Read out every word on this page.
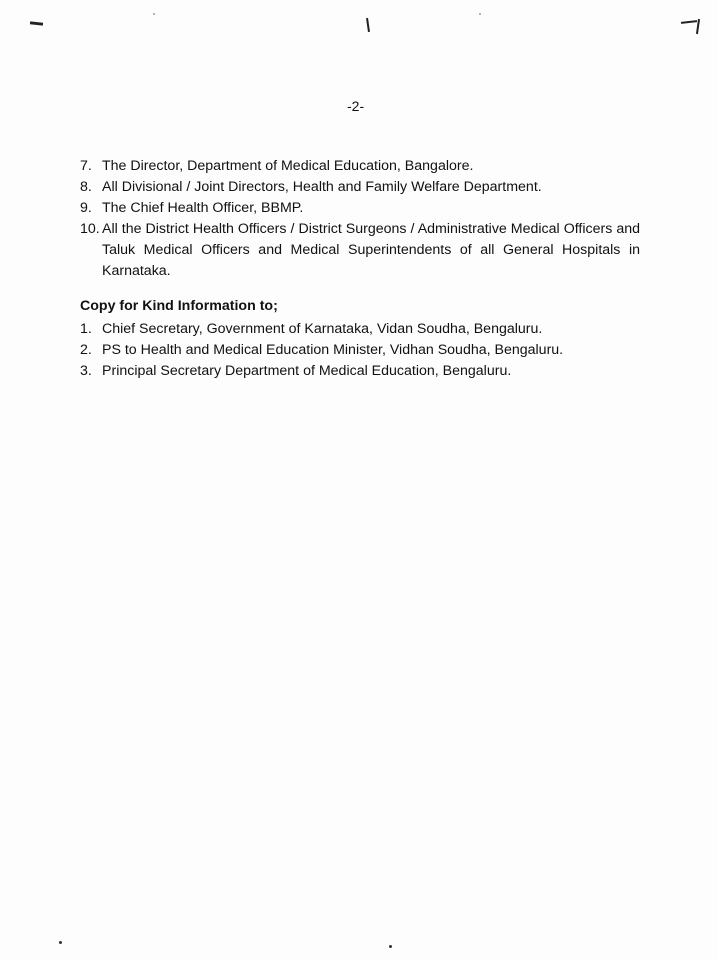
-2-
7. The Director, Department of Medical Education, Bangalore.
8. All Divisional / Joint Directors, Health and Family Welfare Department.
9. The Chief Health Officer, BBMP.
10. All the District Health Officers / District Surgeons / Administrative Medical Officers and Taluk Medical Officers and Medical Superintendents of all General Hospitals in Karnataka.
Copy for Kind Information to;
1. Chief Secretary, Government of Karnataka, Vidan Soudha, Bengaluru.
2. PS to Health and Medical Education Minister, Vidhan Soudha, Bengaluru.
3. Principal Secretary Department of Medical Education, Bengaluru.
